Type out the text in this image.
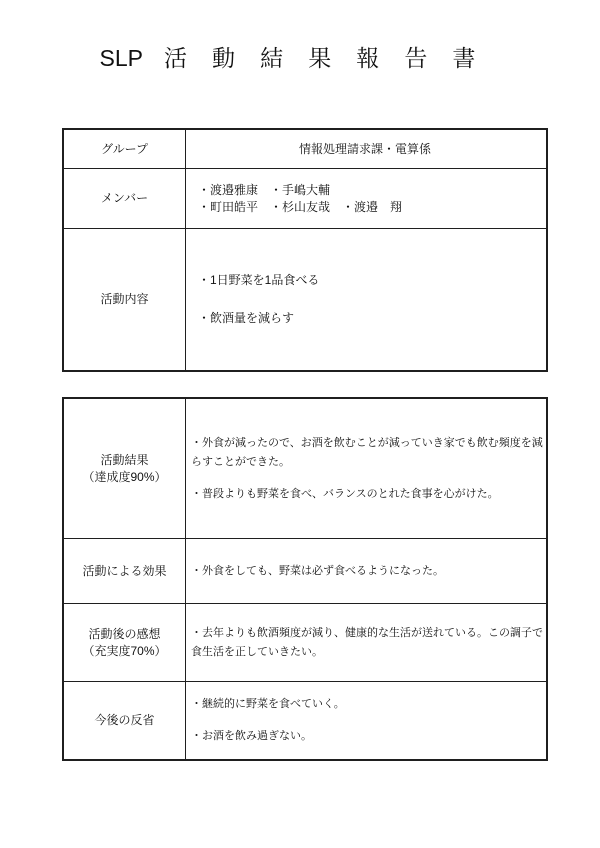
SLP 活動結果報告書
グループ	情報処理請求課・電算係
メンバー
・渡邉雅康　・手嶋大輔
・町田皓平　・杉山友哉　・渡邉　翔
活動内容
・1日野菜を1品食べる
・飲酒量を減らす
活動結果
（達成度90%）
・外食が減ったので、お酒を飲むことが減っていき家でも飲む頻度を減らすことができた。
・普段よりも野菜を食べ、バランスのとれた食事を心がけた。
活動による効果 ・外食をしても、野菜は必ず食べるようになった。
活動後の感想
（充実度70%）
・去年よりも飲酒頻度が減り、健康的な生活が送れている。この調子で食生活を正していきたい。
今後の反省
・継続的に野菜を食べていく。
・お酒を飲み過ぎない。
